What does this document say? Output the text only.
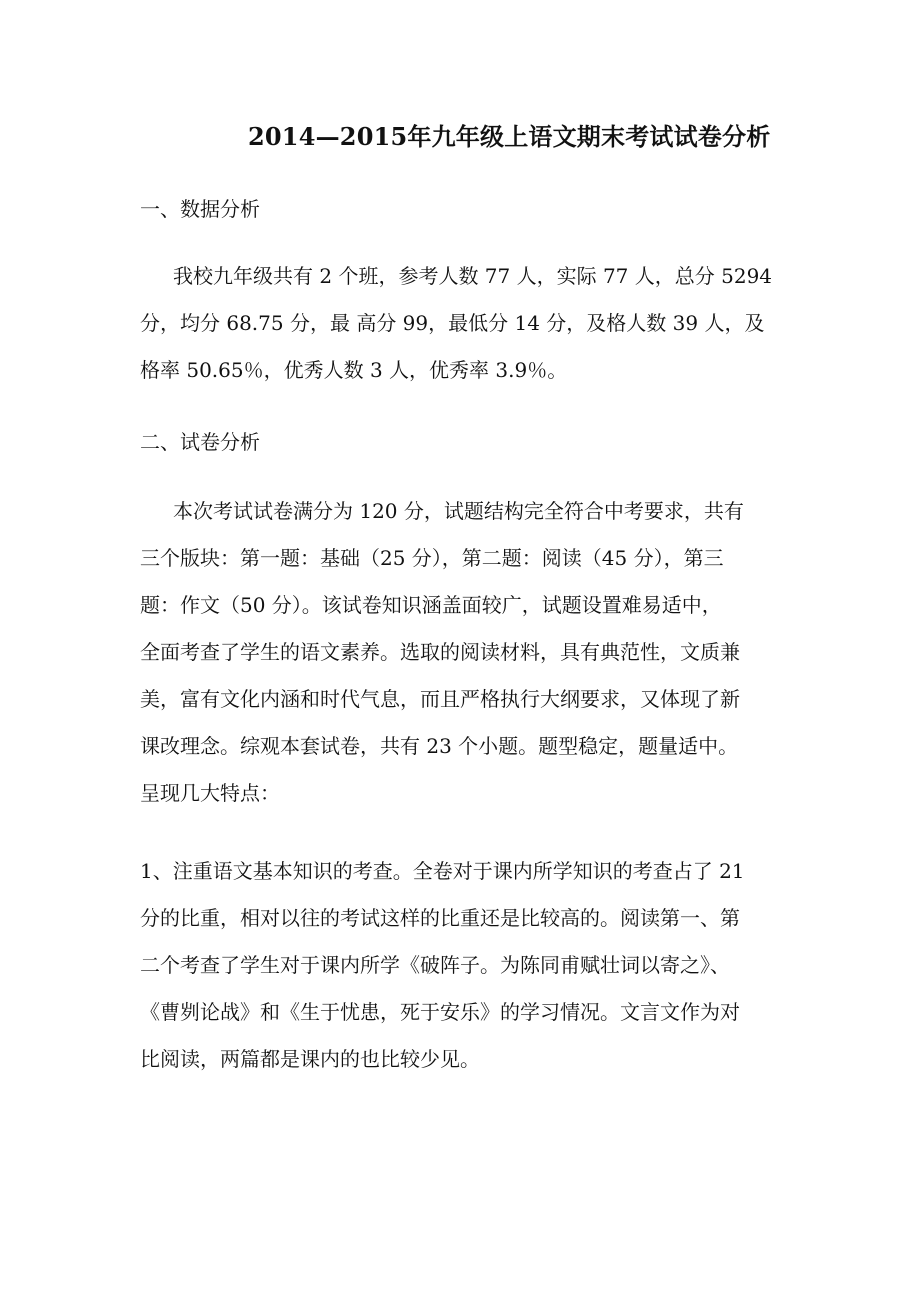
2014—2015年九年级上语文期末考试试卷分析
一、数据分析
我校九年级共有 2 个班，参考人数 77 人，实际 77 人，总分 5294
分，均分 68.75 分，最 高分 99，最低分 14 分，及格人数 39 人，及
格率 50.65％，优秀人数 3 人，优秀率 3.9％。
二、试卷分析
本次考试试卷满分为 120 分，试题结构完全符合中考要求，共有
三个版块：第一题：基础（25 分），第二题：阅读（45 分），第三
题：作文（50 分）。该试卷知识涵盖面较广，试题设置难易适中，
全面考查了学生的语文素养。选取的阅读材料，具有典范性，文质兼
美，富有文化内涵和时代气息，而且严格执行大纲要求，又体现了新
课改理念。综观本套试卷，共有 23 个小题。题型稳定，题量适中。
呈现几大特点：
1、注重语文基本知识的考查。全卷对于课内所学知识的考查占了 21
分的比重，相对以往的考试这样的比重还是比较高的。阅读第一、第
二个考查了学生对于课内所学《破阵子。为陈同甫赋壮词以寄之》、
《曹刿论战》和《生于忧患，死于安乐》的学习情况。文言文作为对
比阅读，两篇都是课内的也比较少见。
